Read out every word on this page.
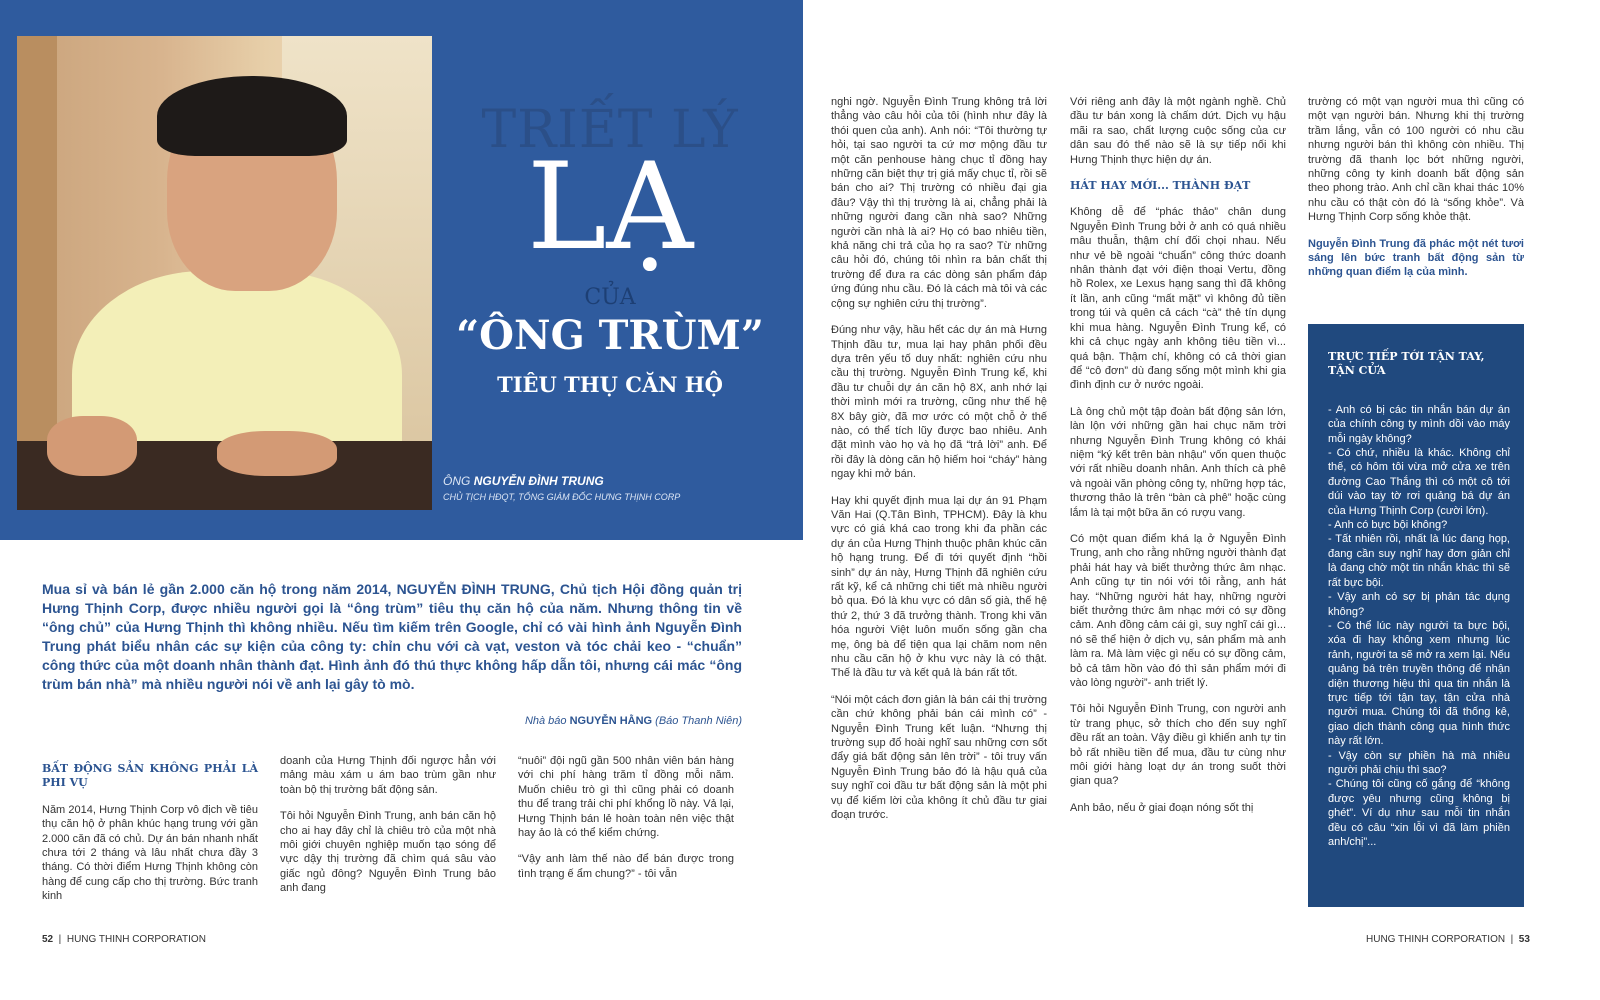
TRIẾT LÝ
LẠ
CỦA
“ÔNG TRÙM”
TIÊU THỤ CĂN HỘ
ÔNG NGUYỄN ĐÌNH TRUNG
CHỦ TỊCH HĐQT, TỔNG GIÁM ĐỐC HƯNG THỊNH CORP
Mua sỉ và bán lẻ gần 2.000 căn hộ trong năm 2014, NGUYỄN ĐÌNH TRUNG, Chủ tịch Hội đồng quản trị Hưng Thịnh Corp, được nhiều người gọi là “ông trùm” tiêu thụ căn hộ của năm. Nhưng thông tin về “ông chủ” của Hưng Thịnh thì không nhiều. Nếu tìm kiếm trên Google, chỉ có vài hình ảnh Nguyễn Đình Trung phát biểu nhân các sự kiện của công ty: chỉn chu với cà vạt, veston và tóc chải keo - “chuẩn” công thức của một doanh nhân thành đạt. Hình ảnh đó thú thực không hấp dẫn tôi, nhưng cái mác “ông trùm bán nhà” mà nhiều người nói về anh lại gây tò mò.
Nhà báo NGUYỄN HẰNG (Báo Thanh Niên)
BẤT ĐỘNG SẢN KHÔNG PHẢI LÀ PHI VỤ

Năm 2014, Hưng Thịnh Corp vô địch về tiêu thụ căn hộ ở phân khúc hạng trung với gần 2.000 căn đã có chủ. Dự án bán nhanh nhất chưa tới 2 tháng và lâu nhất chưa đầy 3 tháng. Có thời điểm Hưng Thịnh không còn hàng để cung cấp cho thị trường. Bức tranh kinh

doanh của Hưng Thịnh đối ngược hẳn với mảng màu xám u ám bao trùm gần như toàn bộ thị trường bất động sản.

Tôi hỏi Nguyễn Đình Trung, anh bán căn hộ cho ai hay đây chỉ là chiêu trò của một nhà môi giới chuyên nghiệp muốn tạo sóng để vực dậy thị trường đã chìm quá sâu vào giấc ngủ đông? Nguyễn Đình Trung bảo anh đang

“nuôi” đội ngũ gần 500 nhân viên bán hàng với chi phí hàng trăm tỉ đồng mỗi năm. Muốn chiêu trò gì thì cũng phải có doanh thu để trang trải chi phí khổng lồ này. Vả lại, Hưng Thịnh bán lẻ hoàn toàn nên việc thật hay ảo là có thể kiểm chứng.

“Vậy anh làm thế nào để bán được trong tình trạng ế ẩm chung?” - tôi vẫn

nghi ngờ. Nguyễn Đình Trung không trả lời thẳng vào câu hỏi của tôi (hình như đây là thói quen của anh). Anh nói: “Tôi thường tự hỏi, tại sao người ta cứ mơ mộng đầu tư một căn penhouse hàng chục tỉ đồng hay những căn biệt thự trị giá mấy chục tỉ, rồi sẽ bán cho ai? Thị trường có nhiều đại gia đâu? Vậy thì thị trường là ai, chẳng phải là những người đang cần nhà sao? Những người cần nhà là ai? Họ có bao nhiêu tiền, khả năng chi trả của họ ra sao? Từ những câu hỏi đó, chúng tôi nhìn ra bản chất thị trường để đưa ra các dòng sản phẩm đáp ứng đúng nhu cầu. Đó là cách mà tôi và các cộng sự nghiên cứu thị trường”.

Đúng như vậy, hầu hết các dự án mà Hưng Thịnh đầu tư, mua lại hay phân phối đều dựa trên yếu tố duy nhất: nghiên cứu nhu cầu thị trường. Nguyễn Đình Trung kể, khi đầu tư chuỗi dự án căn hộ 8X, anh nhớ lại thời mình mới ra trường, cũng như thế hệ 8X bây giờ, đã mơ ước có một chỗ ở thế nào, có thể tích lũy được bao nhiêu. Anh đặt mình vào họ và họ đã “trả lời” anh. Để rồi đây là dòng căn hộ hiếm hoi “cháy” hàng ngay khi mở bán.

Hay khi quyết định mua lại dự án 91 Phạm Văn Hai (Q.Tân Bình, TPHCM). Đây là khu vực có giá khá cao trong khi đa phần các dự án của Hưng Thịnh thuộc phân khúc căn hộ hạng trung. Để đi tới quyết định “hồi sinh” dự án này, Hưng Thịnh đã nghiên cứu rất kỹ, kể cả những chi tiết mà nhiều người bỏ qua. Đó là khu vực có dân số già, thế hệ thứ 2, thứ 3 đã trưởng thành. Trong khi văn hóa người Việt luôn muốn sống gần cha mẹ, ông bà để tiện qua lại chăm nom nên nhu cầu căn hộ ở khu vực này là có thật. Thế là đầu tư và kết quả là bán rất tốt.

“Nói một cách đơn giản là bán cái thị trường cần chứ không phải bán cái mình có” - Nguyễn Đình Trung kết luận. “Nhưng thị trường sụp đổ hoài nghĩ sau những cơn sốt đẩy giá bất động sản lên trời” - tôi truy vấn Nguyễn Đình Trung bảo đó là hậu quả của suy nghĩ coi đầu tư bất động sản là một phi vụ để kiếm lời của không ít chủ đầu tư giai đoạn trước.

Với riêng anh đây là một ngành nghề. Chủ đầu tư bán xong là chấm dứt. Dịch vụ hậu mãi ra sao, chất lượng cuộc sống của cư dân sau đó thế nào sẽ là sự tiếp nối khi Hưng Thịnh thực hiện dự án.

HÁT HAY MỚI... THÀNH ĐẠT

Không dễ để “phác thảo” chân dung Nguyễn Đình Trung bởi ở anh có quá nhiều mâu thuẫn, thậm chí đối chọi nhau. Nếu như vẻ bề ngoài “chuẩn” công thức doanh nhân thành đạt với điện thoại Vertu, đồng hồ Rolex, xe Lexus hạng sang thì đã không ít lần, anh cũng “mất mặt” vì không đủ tiền trong túi và quên cả cách “cà” thẻ tín dụng khi mua hàng. Nguyễn Đình Trung kể, có khi cả chục ngày anh không tiêu tiền vì... quá bận. Thậm chí, không có cả thời gian để “cô đơn” dù đang sống một mình khi gia đình định cư ở nước ngoài.

Là ông chủ một tập đoàn bất động sản lớn, làn lộn với những gần hai chục năm trời nhưng Nguyễn Đình Trung không có khái niệm “ký kết trên bàn nhậu” vốn quen thuộc với rất nhiều doanh nhân. Anh thích cà phê và ngoài văn phòng công ty, những hợp tác, thương thảo là trên “bàn cà phê” hoặc cùng lắm là tại một bữa ăn có rượu vang.

Có một quan điểm khá lạ ở Nguyễn Đình Trung, anh cho rằng những người thành đạt phải hát hay và biết thưởng thức âm nhạc. Anh cũng tự tin nói với tôi rằng, anh hát hay. “Những người hát hay, những người biết thưởng thức âm nhạc mới có sự đồng cảm. Anh đồng cảm cái gì, suy nghĩ cái gì... nó sẽ thể hiện ở dịch vụ, sản phẩm mà anh làm ra. Mà làm việc gì nếu có sự đồng cảm, bỏ cả tâm hồn vào đó thì sản phẩm mới đi vào lòng người”- anh triết lý.

Tôi hỏi Nguyễn Đình Trung, con người anh từ trang phục, sở thích cho đến suy nghĩ đều rất an toàn. Vậy điều gì khiến anh tự tin bỏ rất nhiều tiền để mua, đầu tư cùng như môi giới hàng loạt dự án trong suốt thời gian qua?

Anh bảo, nếu ở giai đoạn nóng sốt thị

trường có một vạn người mua thì cũng có một vạn người bán. Nhưng khi thị trường trầm lắng, vẫn có 100 người có nhu cầu nhưng người bán thì không còn nhiều. Thị trường đã thanh lọc bớt những người, những công ty kinh doanh bất động sản theo phong trào. Anh chỉ cần khai thác 10% nhu cầu có thật còn đó là “sống khỏe”. Và Hưng Thịnh Corp sống khỏe thật.

Nguyễn Đình Trung đã phác một nét tươi sáng lên bức tranh bất động sản từ những quan điểm lạ của mình.

TRỰC TIẾP TỚI TẬN TAY, TẬN CỬA
- Anh có bị các tin nhắn bán dự án của chính công ty mình dồi vào máy mỗi ngày không?
- Có chứ, nhiều là khác. Không chỉ thế, có hôm tôi vừa mở cửa xe trên đường Cao Thắng thì có một cô tới dúi vào tay tờ rơi quảng bá dự án của Hưng Thịnh Corp (cười lớn).
- Anh có bực bội không?
- Tất nhiên rồi, nhất là lúc đang họp, đang cần suy nghĩ hay đơn giản chỉ là đang chờ một tin nhắn khác thì sẽ rất bực bội.
- Vậy anh có sợ bị phản tác dụng không?
- Có thể lúc này người ta bực bội, xóa đi hay không xem nhưng lúc rảnh, người ta sẽ mở ra xem lại. Nếu quảng bá trên truyền thông để nhận diện thương hiệu thì qua tin nhắn là trực tiếp tới tận tay, tận cửa nhà người mua. Chúng tôi đã thống kê, giao dịch thành công qua hình thức này rất lớn.
- Vậy còn sự phiền hà mà nhiều người phải chịu thì sao?
- Chúng tôi cũng cố gắng để “không được yêu nhưng cũng không bị ghét”. Ví dụ như sau mỗi tin nhắn đều có câu “xin lỗi vì đã làm phiền anh/chị”...
52  |  HUNG THINH CORPORATION	HUNG THINH CORPORATION  |  53
